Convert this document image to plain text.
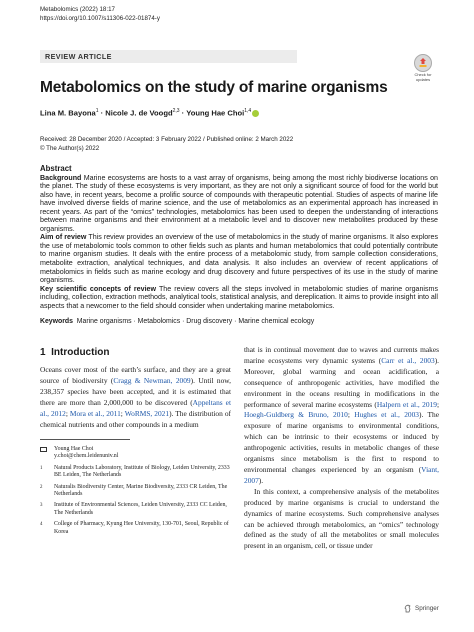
Metabolomics (2022) 18:17
https://doi.org/10.1007/s11306-022-01874-y
REVIEW ARTICLE
Check for
updates
Metabolomics on the study of marine organisms
Lina M. Bayona$^1$ · Nicole J. de Voogd$^{2,3}$ · Young Hae Choi$^{1,4}$
Received: 28 December 2020 / Accepted: 3 February 2022 / Published online: 2 March 2022
© The Author(s) 2022
Abstract

Background Marine ecosystems are hosts to a vast array of organisms, being among the most richly biodiverse locations on the planet. The study of these ecosystems is very important, as they are not only a significant source of food for the world but also have, in recent years, become a prolific source of compounds with therapeutic potential. Studies of aspects of marine life have involved diverse fields of marine science, and the use of metabolomics as an experimental approach has increased in recent years. As part of the “omics” technologies, metabolomics has been used to deepen the understanding of interactions between marine organisms and their environment at a metabolic level and to discover new metabolites produced by these organisms.

Aim of review This review provides an overview of the use of metabolomics in the study of marine organisms. It also explores the use of metabolomic tools common to other fields such as plants and human metabolomics that could potentially contribute to marine organism studies. It deals with the entire process of a metabolomic study, from sample collection considerations, metabolite extraction, analytical techniques, and data analysis. It also includes an overview of recent applications of metabolomics in fields such as marine ecology and drug discovery and future perspectives of its use in the study of marine organisms.

Key scientific concepts of review The review covers all the steps involved in metabolomic studies of marine organisms including, collection, extraction methods, analytical tools, statistical analysis, and dereplication. It aims to provide insight into all aspects that a newcomer to the field should consider when undertaking marine metabolomics.

Keywords Marine organisms · Metabolomics · Drug discovery · Marine chemical ecology
1 Introduction
Oceans cover most of the earth’s surface, and they are a great source of biodiversity (Cragg & Newman, 2009). Until now, 238,357 species have been accepted, and it is estimated that there are more than 2,000,000 to be discovered (Appeltans et al., 2012; Mora et al., 2011; WoRMS, 2021). The distribution of chemical nutrients and other compounds in a medium
Young Hae Choi
y.choi@chem.leidenuniv.nl
1 Natural Products Laboratory, Institute of Biology, Leiden University, 2333 BE Leiden, The Netherlands
2 Naturalis Biodiversity Center, Marine Biodiversity, 2333 CR Leiden, The Netherlands
3 Institute of Environmental Sciences, Leiden University, 2333 CC Leiden, The Netherlands
4 College of Pharmacy, Kyung Hee University, 130-701, Seoul, Republic of Korea

that is in continual movement due to waves and currents makes marine ecosystems very dynamic systems (Carr et al., 2003). Moreover, global warming and ocean acidification, a consequence of anthropogenic activities, have modified the environment in the oceans resulting in modifications in the performance of several marine ecosystems (Halpern et al., 2019; Hoegh-Guldberg & Bruno, 2010; Hughes et al., 2003). The exposure of marine organisms to environmental conditions, which can be intrinsic to their ecosystems or induced by anthropogenic activities, results in metabolic changes of these organisms since metabolism is the first to respond to environmental changes experienced by an organism (Viant, 2007).

In this context, a comprehensive analysis of the metabolites produced by marine organisms is crucial to understand the dynamics of marine ecosystems. Such comprehensive analyses can be achieved through metabolomics, an “omics” technology defined as the study of all the metabolites or small molecules present in an organism, cell, or tissue under

Springer
